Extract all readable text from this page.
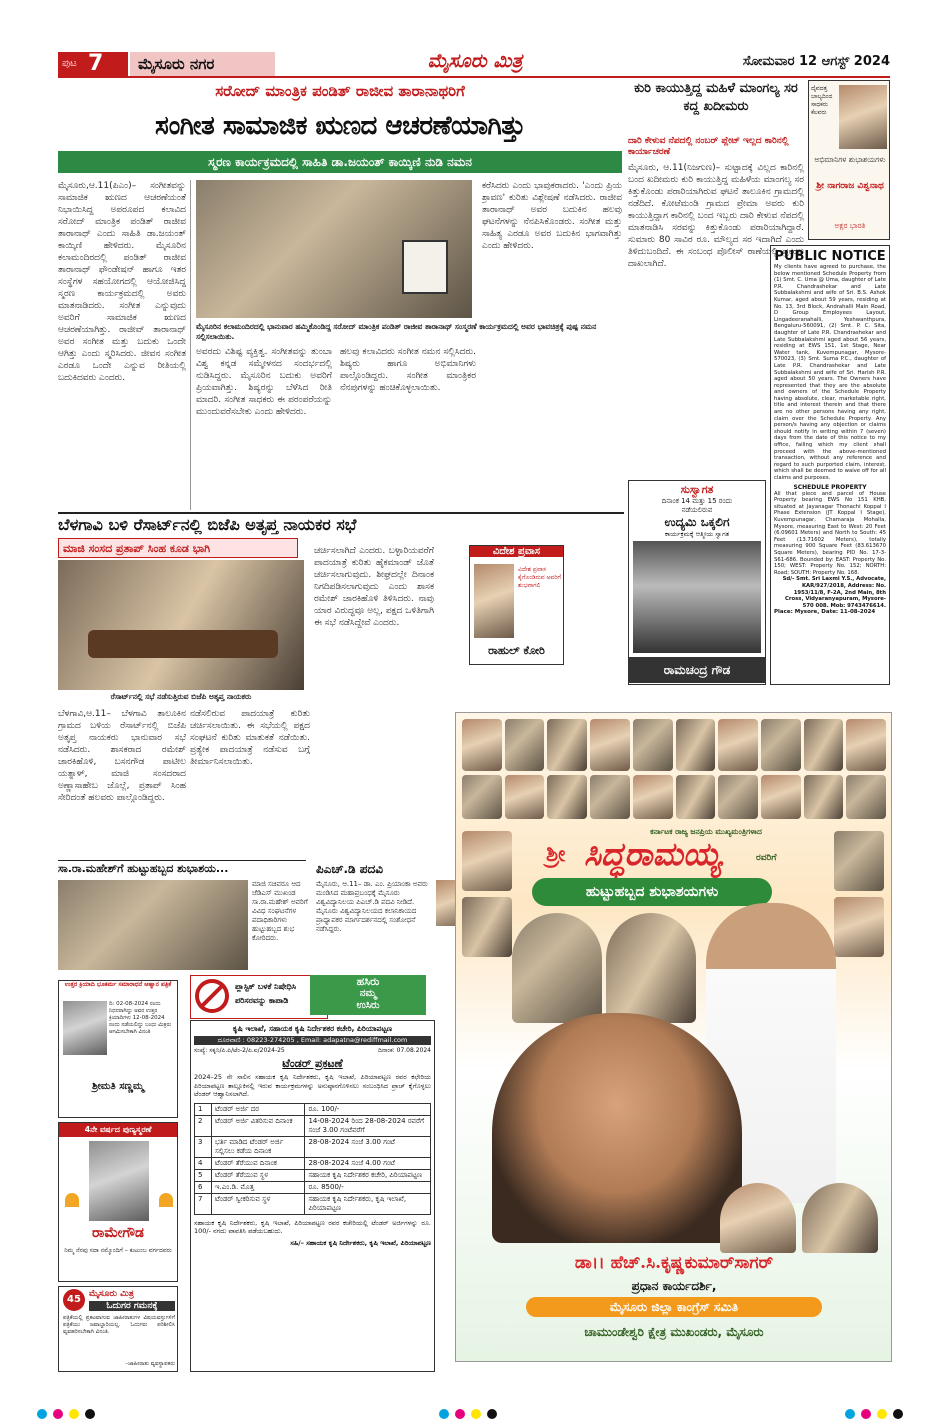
ಪುಟ 7	ಮೈಸೂರು ನಗರ	ಮೈಸೂರು ಮಿತ್ರ	ಸೋಮವಾರ 12 ಆಗಸ್ಟ್ 2024
ಸರೋದ್ ಮಾಂತ್ರಿಕ ಪಂಡಿತ್ ರಾಜೀವ ತಾರಾನಾಥರಿಗೆ
ಸಂಗೀತ ಸಾಮಾಜಿಕ ಋಣದ ಆಚರಣೆಯಾಗಿತ್ತು
ಸ್ಮರಣ ಕಾರ್ಯಕ್ರಮದಲ್ಲಿ ಸಾಹಿತಿ ಡಾ.ಜಯಂತ್ ಕಾಯ್ಕಿಣಿ ನುಡಿ ನಮನ
ಮೈಸೂರು,ಆ.11(ಪಿಎಂ)– ಸಂಗೀತವನ್ನು ಸಾಮಾಜಿಕ ಋಣದ ಆಚರಣೆಯಂತೆ ನಿಭಾಯಿಸಿದ್ದ ಅಪರೂಪದ ಕಲಾವಿದ ಸರೋದ್ ಮಾಂತ್ರಿಕ ಪಂಡಿತ್ ರಾಜೀವ ತಾರಾನಾಥ್ ಎಂದು ಸಾಹಿತಿ ಡಾ.ಜಯಂತ್ ಕಾಯ್ಕಿಣಿ ಹೇಳಿದರು. ಮೈಸೂರಿನ ಕಲಾಮಂದಿರದಲ್ಲಿ ಪಂಡಿತ್ ರಾಜೀವ ತಾರಾನಾಥ್ ಫೌಂಡೇಷನ್ ಹಾಗೂ ಇತರ ಸಂಸ್ಥೆಗಳ ಸಹಯೋಗದಲ್ಲಿ ಆಯೋಜಿಸಿದ್ದ ಸ್ಮರಣ ಕಾರ್ಯಕ್ರಮದಲ್ಲಿ ಅವರು ಮಾತನಾಡಿದರು. ಸಂಗೀತ ಎನ್ನುವುದು ಅವರಿಗೆ ಸಾಮಾಜಿಕ ಋಣದ ಆಚರಣೆಯಾಗಿತ್ತು. ರಾಜೀವ್ ತಾರಾನಾಥ್ ಅವರ ಸಂಗೀತ ಮತ್ತು ಬದುಕು ಒಂದೇ ಆಗಿತ್ತು ಎಂದು ಸ್ಮರಿಸಿದರು. ಜೀವನ ಸಂಗೀತ ಎರಡೂ ಒಂದೇ ಎನ್ನುವ ರೀತಿಯಲ್ಲಿ ಬದುಕಿದವರು ಎಂದರು.
ಮೈಸೂರಿನ ಕಲಾಮಂದಿರದಲ್ಲಿ ಭಾನುವಾರ ಹಮ್ಮಿಕೊಂಡಿದ್ದ ಸರೋದ್ ಮಾಂತ್ರಿಕ ಪಂಡಿತ್ ರಾಜೀವ ತಾರಾನಾಥ್ ಸಂಸ್ಮರಣೆ ಕಾರ್ಯಕ್ರಮದಲ್ಲಿ ಅವರ ಭಾವಚಿತ್ರಕ್ಕೆ ಪುಷ್ಪ ನಮನ ಸಲ್ಲಿಸಲಾಯಿತು.
ಅವರದು ವಿಶಿಷ್ಟ ವ್ಯಕ್ತಿತ್ವ. ಸಂಗೀತವನ್ನು ತುಂಬಾ ವಿಶ್ವ ಕನ್ನಡ ಸಮ್ಮೇಳನದ ಸಂದರ್ಭದಲ್ಲಿ ನುಡಿಸಿದ್ದರು. ಮೈಸೂರಿನ ಬದುಕು ಅವರಿಗೆ ಪ್ರಿಯವಾಗಿತ್ತು. ಶಿಷ್ಯರನ್ನು ಬೆಳೆಸಿದ ರೀತಿ ಮಾದರಿ. ಸಂಗೀತ ಸಾಧಕರು ಈ ಪರಂಪರೆಯನ್ನು ಮುಂದುವರೆಸಬೇಕು ಎಂದು ಹೇಳಿದರು.
ಹಲವು ಕಲಾವಿದರು ಸಂಗೀತ ನಮನ ಸಲ್ಲಿಸಿದರು. ಶಿಷ್ಯರು ಹಾಗೂ ಅಭಿಮಾನಿಗಳು ಪಾಲ್ಗೊಂಡಿದ್ದರು. ಸಂಗೀತ ಮಾಂತ್ರಿಕರ ನೆನಪುಗಳನ್ನು ಹಂಚಿಕೊಳ್ಳಲಾಯಿತು.
ಕರೆಸಿದರು ಎಂದು ಭಾವುಕರಾದರು. 'ಎಂದು ಪ್ರಿಯ ಶ್ರಾವಣ' ಕುರಿತು ವಿಶ್ಲೇಷಣೆ ನಡೆಸಿದರು. ರಾಜೀವ ತಾರಾನಾಥ್ ಅವರ ಬದುಕಿನ ಹಲವು ಘಟನೆಗಳನ್ನು ನೆನಪಿಸಿಕೊಂಡರು. ಸಂಗೀತ ಮತ್ತು ಸಾಹಿತ್ಯ ಎರಡೂ ಅವರ ಬದುಕಿನ ಭಾಗವಾಗಿತ್ತು ಎಂದು ಹೇಳಿದರು.
ಕುರಿ ಕಾಯುತ್ತಿದ್ದ ಮಹಿಳೆ ಮಾಂಗಲ್ಯ ಸರ ಕದ್ದ ಖದೀಮರು
ದಾರಿ ಕೇಳುವ ನೆಪದಲ್ಲಿ ನಂಬರ್ ಪ್ಲೇಟ್ ಇಲ್ಲದ ಕಾರಿನಲ್ಲಿ ಕಾರ್ಯಾಚರಣೆ
ಮೈಸೂರು, ಆ.11(ನಿಜಗುಣ)– ಸುಟ್ಟಾದಕ್ಕೆ ವಿಲ್ಲದ ಕಾರಿನಲ್ಲಿ ಬಂದ ಖದೀಮರು ಕುರಿ ಕಾಯುತ್ತಿದ್ದ ಮಹಿಳೆಯ ಮಾಂಗಲ್ಯ ಸರ ಕಿತ್ತುಕೊಂಡು ಪರಾರಿಯಾಗಿರುವ ಘಟನೆ ತಾಲೂಕಿನ ಗ್ರಾಮದಲ್ಲಿ ನಡೆದಿದೆ. ಕೋಟೆಮಂಡಿ ಗ್ರಾಮದ ಪ್ರೇಮಾ ಅವರು ಕುರಿ ಕಾಯುತ್ತಿದ್ದಾಗ ಕಾರಿನಲ್ಲಿ ಬಂದ ಇಬ್ಬರು ದಾರಿ ಕೇಳುವ ನೆಪದಲ್ಲಿ ಮಾತನಾಡಿಸಿ ಸರವನ್ನು ಕಿತ್ತುಕೊಂಡು ಪರಾರಿಯಾಗಿದ್ದಾರೆ. ಸುಮಾರು 80 ಸಾವಿರ ರೂ. ಮೌಲ್ಯದ ಸರ ಇದಾಗಿದೆ ಎಂದು ತಿಳಿದುಬಂದಿದೆ. ಈ ಸಂಬಂಧ ಪೊಲೀಸ್ ಠಾಣೆಯಲ್ಲಿ ಪ್ರಕರಣ ದಾಖಲಾಗಿದೆ.
ದೈವದತ್ತ ಬಾಲ್ಯದಿಂದ ಸಾಧಕರು ಕೆಲವರು
ಅಭಿಮಾನಿಗಳ ಶುಭಾಶಯಗಳು
ಶ್ರೀ ನಾಗರಾಜ ವಿಶ್ವನಾಥ
ಅಕ್ಷರ ಭಾರತಿ
PUBLIC NOTICE
My clients have agreed to purchase, the below mentioned Schedule Property from (1) Smt. C. Uma @ Uma, daughter of Late P.R. Chandrashekar and Late Subbalakshmi and wife of Sri. B.S. Ashok Kumar, aged about 59 years, residing at No. 13, 3rd Block, Andrahalli Main Road, D Group Employees Layout, Lingadeeranahalli, Yeshwanthpura, Bengaluru-560091, (2) Smt. P. C. Sita, daughter of Late P.R. Chandrashekar and Late Subbalakshmi aged about 56 years, residing at EWS 151, 1st Stage, Near Water tank, Kuvempunagar, Mysore- 570023, (3) Smt. Suma P.C., daughter of Late P.R. Chandrashekar and Late Subbalakshmi and wife of Sri. Harish P.R. aged about 50 years. The Owners have represented that they are the absolute and owners of the Schedule Property having absolute, clear, marketable right, title and interest therein and that there are no other persons having any right, claim over the Schedule Property. Any person/s having any objection or claims should notify in writing within 7 (seven) days from the date of this notice to my office, failing which my client shall proceed with the above-mentioned transaction, without any reference and regard to such purported claim, interest, which shall be deemed to waive off for all claims and purposes.
SCHEDULE PROPERTY
All that piece and parcel of House Property bearing EWS No 151 KHB, situated at Jayanagar Thonachi Koppal I Phase Extension (JT Koppal I Stage), Kuvempunagar, Chamaraja Mohalla, Mysore, measuring East to West: 20 Feet (6.09601 Meters) and North to South: 45 Feet (13.71602 Meters), totally measuring 900 Square Feet (83.613670 Square Meters), bearing PID No. 17-3-S61-686. Bounded by: EAST: Property No. 150; WEST: Property No. 152; NORTH: Road; SOUTH: Property No. 168.
Sd/- Smt. Sri Laxmi Y.S., Advocate, KAR/927/2018, Address: No. 1953/11/8, F-2A, 2nd Main, 8th Cross, Vidyaranyapuram, Mysore-570 008. Mob: 9743476614.
Place: Mysore, Date: 11-08-2024
ಸುಸ್ವಾಗತ
ದಿನಾಂಕ 14 ಮತ್ತು 15 ರಂದು
ನಡೆಯಲಿರುವ
ಉದ್ಯಮಿ ಒಕ್ಕಲಿಗ
ಕಾರ್ಯಕ್ರಮಕ್ಕೆ ಆತ್ಮೀಯ ಸ್ವಾಗತ
ರಾಮಚಂದ್ರ ಗೌಡ
ಬೆಳಗಾವಿ ಬಳಿ ರೆಸಾರ್ಟ್‌ನಲ್ಲಿ ಬಿಜೆಪಿ ಅತೃಪ್ತ ನಾಯಕರ ಸಭೆ
ಮಾಜಿ ಸಂಸದ ಪ್ರತಾಪ್ ಸಿಂಹ ಕೂಡ ಭಾಗಿ
ರೆಸಾರ್ಟ್‌ನಲ್ಲಿ ಸಭೆ ನಡೆಸುತ್ತಿರುವ ಬಿಜೆಪಿ ಅತೃಪ್ತ ನಾಯಕರು
ಬೆಳಗಾವಿ,ಆ.11– ಬೆಳಗಾವಿ ತಾಲೂಕಿನ ಗ್ರಾಮದ ಬಳಿಯ ರೆಸಾರ್ಟ್‌ನಲ್ಲಿ ಬಿಜೆಪಿ ಅತೃಪ್ತ ನಾಯಕರು ಭಾನುವಾರ ಸಭೆ ನಡೆಸಿದರು. ಶಾಸಕರಾದ ರಮೇಶ್ ಜಾರಕಿಹೊಳಿ, ಬಸನಗೌಡ ಪಾಟೀಲ ಯತ್ನಾಳ್, ಮಾಜಿ ಸಂಸದರಾದ ಅಣ್ಣಾಸಾಹೇಬ ಜೊಲ್ಲೆ, ಪ್ರತಾಪ್ ಸಿಂಹ ಸೇರಿದಂತೆ ಹಲವರು ಪಾಲ್ಗೊಂಡಿದ್ದರು.
ನಡೆಸಲಿರುವ ಪಾದಯಾತ್ರೆ ಕುರಿತು ಚರ್ಚಿಸಲಾಯಿತು. ಈ ಸಭೆಯಲ್ಲಿ ಪಕ್ಷದ ಸಂಘಟನೆ ಕುರಿತು ಮಾತುಕತೆ ನಡೆಯಿತು. ಪ್ರತ್ಯೇಕ ಪಾದಯಾತ್ರೆ ನಡೆಸುವ ಬಗ್ಗೆ ತೀರ್ಮಾನಿಸಲಾಯಿತು.
ಚರ್ಚಿಸಲಾಗಿದೆ ಎಂದರು. ಬಳ್ಳಾರಿಯವರೆಗೆ ಪಾದಯಾತ್ರೆ ಕುರಿತು ಹೈಕಮಾಂಡ್ ಜೊತೆ ಚರ್ಚಿಸಲಾಗುವುದು. ಶೀಘ್ರದಲ್ಲೇ ದಿನಾಂಕ ನಿಗದಿಪಡಿಸಲಾಗುವುದು ಎಂದು ಶಾಸಕ ರಮೇಶ್ ಜಾರಕಿಹೊಳಿ ತಿಳಿಸಿದರು. ನಾವು ಯಾರ ವಿರುದ್ಧವೂ ಅಲ್ಲ, ಪಕ್ಷದ ಒಳಿತಿಗಾಗಿ ಈ ಸಭೆ ನಡೆಸಿದ್ದೇವೆ ಎಂದರು.
ವಿದೇಶ ಪ್ರವಾಸ
ವಿದೇಶ ಪ್ರವಾಸ ಕೈಗೊಂಡಿರುವ ಅವರಿಗೆ ಶುಭವಾಗಲಿ
ರಾಹುಲ್ ಕೋರಿ
ಸಾ.ರಾ.ಮಹೇಶ್‌ಗೆ ಹುಟ್ಟುಹಬ್ಬದ ಶುಭಾಶಯ...
ಮಾಜಿ ಸಚಿವರೂ ಆದ ಜೆಡಿಎಸ್ ಮುಖಂಡ ಸಾ.ರಾ.ಮಹೇಶ್ ಅವರಿಗೆ ವಿವಿಧ ಸಂಘಟನೆಗಳ ಪದಾಧಿಕಾರಿಗಳು ಹುಟ್ಟುಹಬ್ಬದ ಶುಭ ಕೋರಿದರು.
ಪಿಎಚ್.ಡಿ ಪದವಿ
ಮೈಸೂರು, ಆ.11– ಡಾ. ಎಂ. ಪ್ರಿಯಾಂಕಾ ಅವರು ಮಂಡಿಸಿದ ಮಹಾಪ್ರಬಂಧಕ್ಕೆ ಮೈಸೂರು ವಿಶ್ವವಿದ್ಯಾನಿಲಯ ಪಿಎಚ್.ಡಿ ಪದವಿ ನೀಡಿದೆ. ಮೈಸೂರು ವಿಶ್ವವಿದ್ಯಾನಿಲಯದ ಕಲಾನಿಕಾಯದ ಪ್ರಾಧ್ಯಾಪಕರ ಮಾರ್ಗದರ್ಶನದಲ್ಲಿ ಸಂಶೋಧನೆ ನಡೆಸಿದ್ದರು.
ಪ್ಲಾಸ್ಟಿಕ್ ಬಳಕೆ ನಿಷೇಧಿಸಿ
ಪರಿಸರವನ್ನು ಕಾಪಾಡಿ
ಹಸಿರು
ನಮ್ಮ
ಉಸಿರು
ಉತ್ತರ ಕ್ರಿಯಾದಿ ಭೂಕರ್ಮ ಸಮಾರಾಧನೆ ಆಹ್ವಾನ ಪತ್ರಿಕೆ
ದಿ: 02-08-2024 ರಂದು ನಿಧನರಾಗಿದ್ದು ಅವರ ಉತ್ತರ ಕ್ರಿಯಾದಿಗಳು 12-08-2024 ರಂದು ನಡೆಯಲಿದ್ದು ಬಂಧು ಮಿತ್ರರು ಆಗಮಿಸಬೇಕಾಗಿ ವಿನಂತಿ
ಶ್ರೀಮತಿ ಸಣ್ಣಮ್ಮ
4ನೇ ವರ್ಷದ ಪುಣ್ಯಸ್ಮರಣೆ
ರಾಮೇಗೌಡ
ನಿಮ್ಮ ನೆನಪು ಸದಾ ನಮ್ಮೊಂದಿಗೆ – ಕುಟುಂಬ ವರ್ಗದವರು
45 ಮೈಸೂರು ಮಿತ್ರ
ಓದುಗರ ಗಮನಕ್ಕೆ
ಪತ್ರಿಕೆಯಲ್ಲಿ ಪ್ರಕಟವಾಗುವ ಜಾಹೀರಾತುಗಳ ವಿಷಯವಸ್ತುಗಳಿಗೆ ಪತ್ರಿಕೆಯು ಜವಾಬ್ದಾರಿಯಲ್ಲ. ಓದುಗರು ಪರಿಶೀಲಿಸಿ ವ್ಯವಹರಿಸಬೇಕಾಗಿ ವಿನಂತಿ.
–ಜಾಹೀರಾತು ವ್ಯವಸ್ಥಾಪಕರು
ಕೃಷಿ ಇಲಾಖೆ, ಸಹಾಯಕ ಕೃಷಿ ನಿರ್ದೇಶಕರ ಕಚೇರಿ, ಪಿರಿಯಾಪಟ್ಟಣ
ದೂರವಾಣಿ : 08223-274205 , Email: adapatna@rediffmail.com
ಸಂಖ್ಯೆ: ಸಕೃನಿ/ಪಿ.ಪಿ/ಟೆಂ-2/ಪಿ.ಐ/2024-25	ದಿನಾಂಕ: 07.08.2024
ಟೆಂಡರ್ ಪ್ರಕಟಣೆ
2024–25 ನೇ ಸಾಲಿನ ಸಹಾಯಕ ಕೃಷಿ ನಿರ್ದೇಶಕರು, ಕೃಷಿ ಇಲಾಖೆ, ಪಿರಿಯಾಪಟ್ಟಣ ರವರ ಕಛೇರಿಯ ಪಿರಿಯಾಪಟ್ಟಣ ತಾಲ್ಲೂಕಿನಲ್ಲಿ ಇರುವ ಕಾರ್ಯಕ್ರಮಗಳನ್ನು ಅನುಷ್ಠಾನಗೊಳಿಸಲು ಸಂಬಂಧಿಸಿದ ಪ್ರಾಚ್ ಕೈಗೊಳ್ಳಲು ಟೆಂಡರ್ ಆಹ್ವಾನಿಸಲಾಗಿದೆ.
1	ಟೆಂಡರ್ ಅರ್ಜಿ ದರ	ರೂ. 100/-
2	ಟೆಂಡರ್ ಅರ್ಜಿ ವಿತರಿಸುವ ದಿನಾಂಕ	14-08-2024 ರಿಂದ 28-08-2024 ರವರೆಗೆ ಸಂಜೆ 3.00 ಗಂಟೆವರೆಗೆ
3	ಭರ್ತಿ ಮಾಡಿದ ಟೆಂಡರ್ ಅರ್ಜಿ ಸಲ್ಲಿಸಲು ಕಡೆಯ ದಿನಾಂಕ	28-08-2024 ಸಂಜೆ 3.00 ಗಂಟೆ
4	ಟೆಂಡರ್ ತೆರೆಯುವ ದಿನಾಂಕ	28-08-2024 ಸಂಜೆ 4.00 ಗಂಟೆ
5	ಟೆಂಡರ್ ತೆರೆಯುವ ಸ್ಥಳ	ಸಹಾಯಕ ಕೃಷಿ ನಿರ್ದೇಶಕರ ಕಚೇರಿ, ಪಿರಿಯಾಪಟ್ಟಣ
6	ಇ.ಎಂ.ಡಿ. ಮೊತ್ತ	ರೂ. 8500/-
7	ಟೆಂಡರ್ ಸ್ವೀಕರಿಸುವ ಸ್ಥಳ	ಸಹಾಯಕ ಕೃಷಿ ನಿರ್ದೇಶಕರು, ಕೃಷಿ ಇಲಾಖೆ, ಪಿರಿಯಾಪಟ್ಟಣ
ಸಹಾಯಕ ಕೃಷಿ ನಿರ್ದೇಶಕರು, ಕೃಷಿ ಇಲಾಖೆ, ಪಿರಿಯಾಪಟ್ಟಣ ರವರ ಕಚೇರಿಯಲ್ಲಿ ಟೆಂಡರ್ ಅರ್ಜಿಗಳನ್ನು ರೂ. 100/- ನಗದು ಪಾವತಿಸಿ ಪಡೆಯಬಹುದು.
ಸಹಿ/– ಸಹಾಯಕ ಕೃಷಿ ನಿರ್ದೇಶಕರು, ಕೃಷಿ ಇಲಾಖೆ, ಪಿರಿಯಾಪಟ್ಟಣ
ಕರ್ನಾಟಕ ರಾಜ್ಯ ಜನಪ್ರಿಯ ಮುಖ್ಯಮಂತ್ರಿಗಳಾದ
ಶ್ರೀ ಸಿದ್ಧರಾಮಯ್ಯ	ರವರಿಗೆ
ಹುಟ್ಟುಹಬ್ಬದ ಶುಭಾಶಯಗಳು
ಡಾ।। ಹೆಚ್.ಸಿ.ಕೃಷ್ಣಕುಮಾರ್‌ಸಾಗರ್
ಪ್ರಧಾನ ಕಾರ್ಯದರ್ಶಿ,
ಮೈಸೂರು ಜಿಲ್ಲಾ ಕಾಂಗ್ರೆಸ್ ಸಮಿತಿ
ಚಾಮುಂಡೇಶ್ವರಿ ಕ್ಷೇತ್ರ ಮುಖಂಡರು, ಮೈಸೂರು
